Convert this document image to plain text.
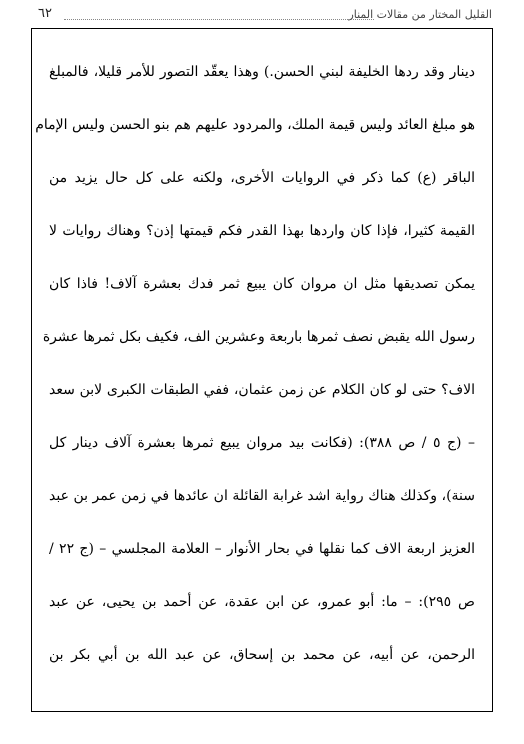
القليل المختار من مقالات المنار
٦٢
دينار وقد ردها الخليفة لبني الحسن.) وهذا يعقّد التصور للأمر قليلا، فالمبلغ
هو مبلغ العائد وليس قيمة الملك، والمردود عليهم هم بنو الحسن وليس الإمام
الباقر (ع) كما ذكر في الروايات الأخرى، ولكنه على كل حال يزيد من
القيمة كثيرا، فإذا كان واردها بهذا القدر فكم قيمتها إذن؟ وهناك روايات لا
يمكن تصديقها مثل ان مروان كان يبيع ثمر فدك بعشرة آلاف! فاذا كان
رسول الله يقبض نصف ثمرها باربعة وعشرين الف، فكيف بكل ثمرها عشرة
الاف؟ حتى لو كان الكلام عن زمن عثمان، ففي الطبقات الكبرى لابن سعد
– (ج ٥ / ص ٣٨٨): (فكانت بيد مروان يبيع ثمرها بعشرة آلاف دينار كل
سنة)، وكذلك هناك رواية اشد غرابة القائلة ان عائدها في زمن عمر بن عبد
العزيز اربعة الاف كما نقلها في بحار الأنوار – العلامة المجلسي – (ج ٢٢ /
ص ٢٩٥): – ما: أبو عمرو، عن ابن عقدة، عن أحمد بن يحيى، عن عبد
الرحمن، عن أبيه، عن محمد بن إسحاق، عن عبد الله بن أبي بكر بن
